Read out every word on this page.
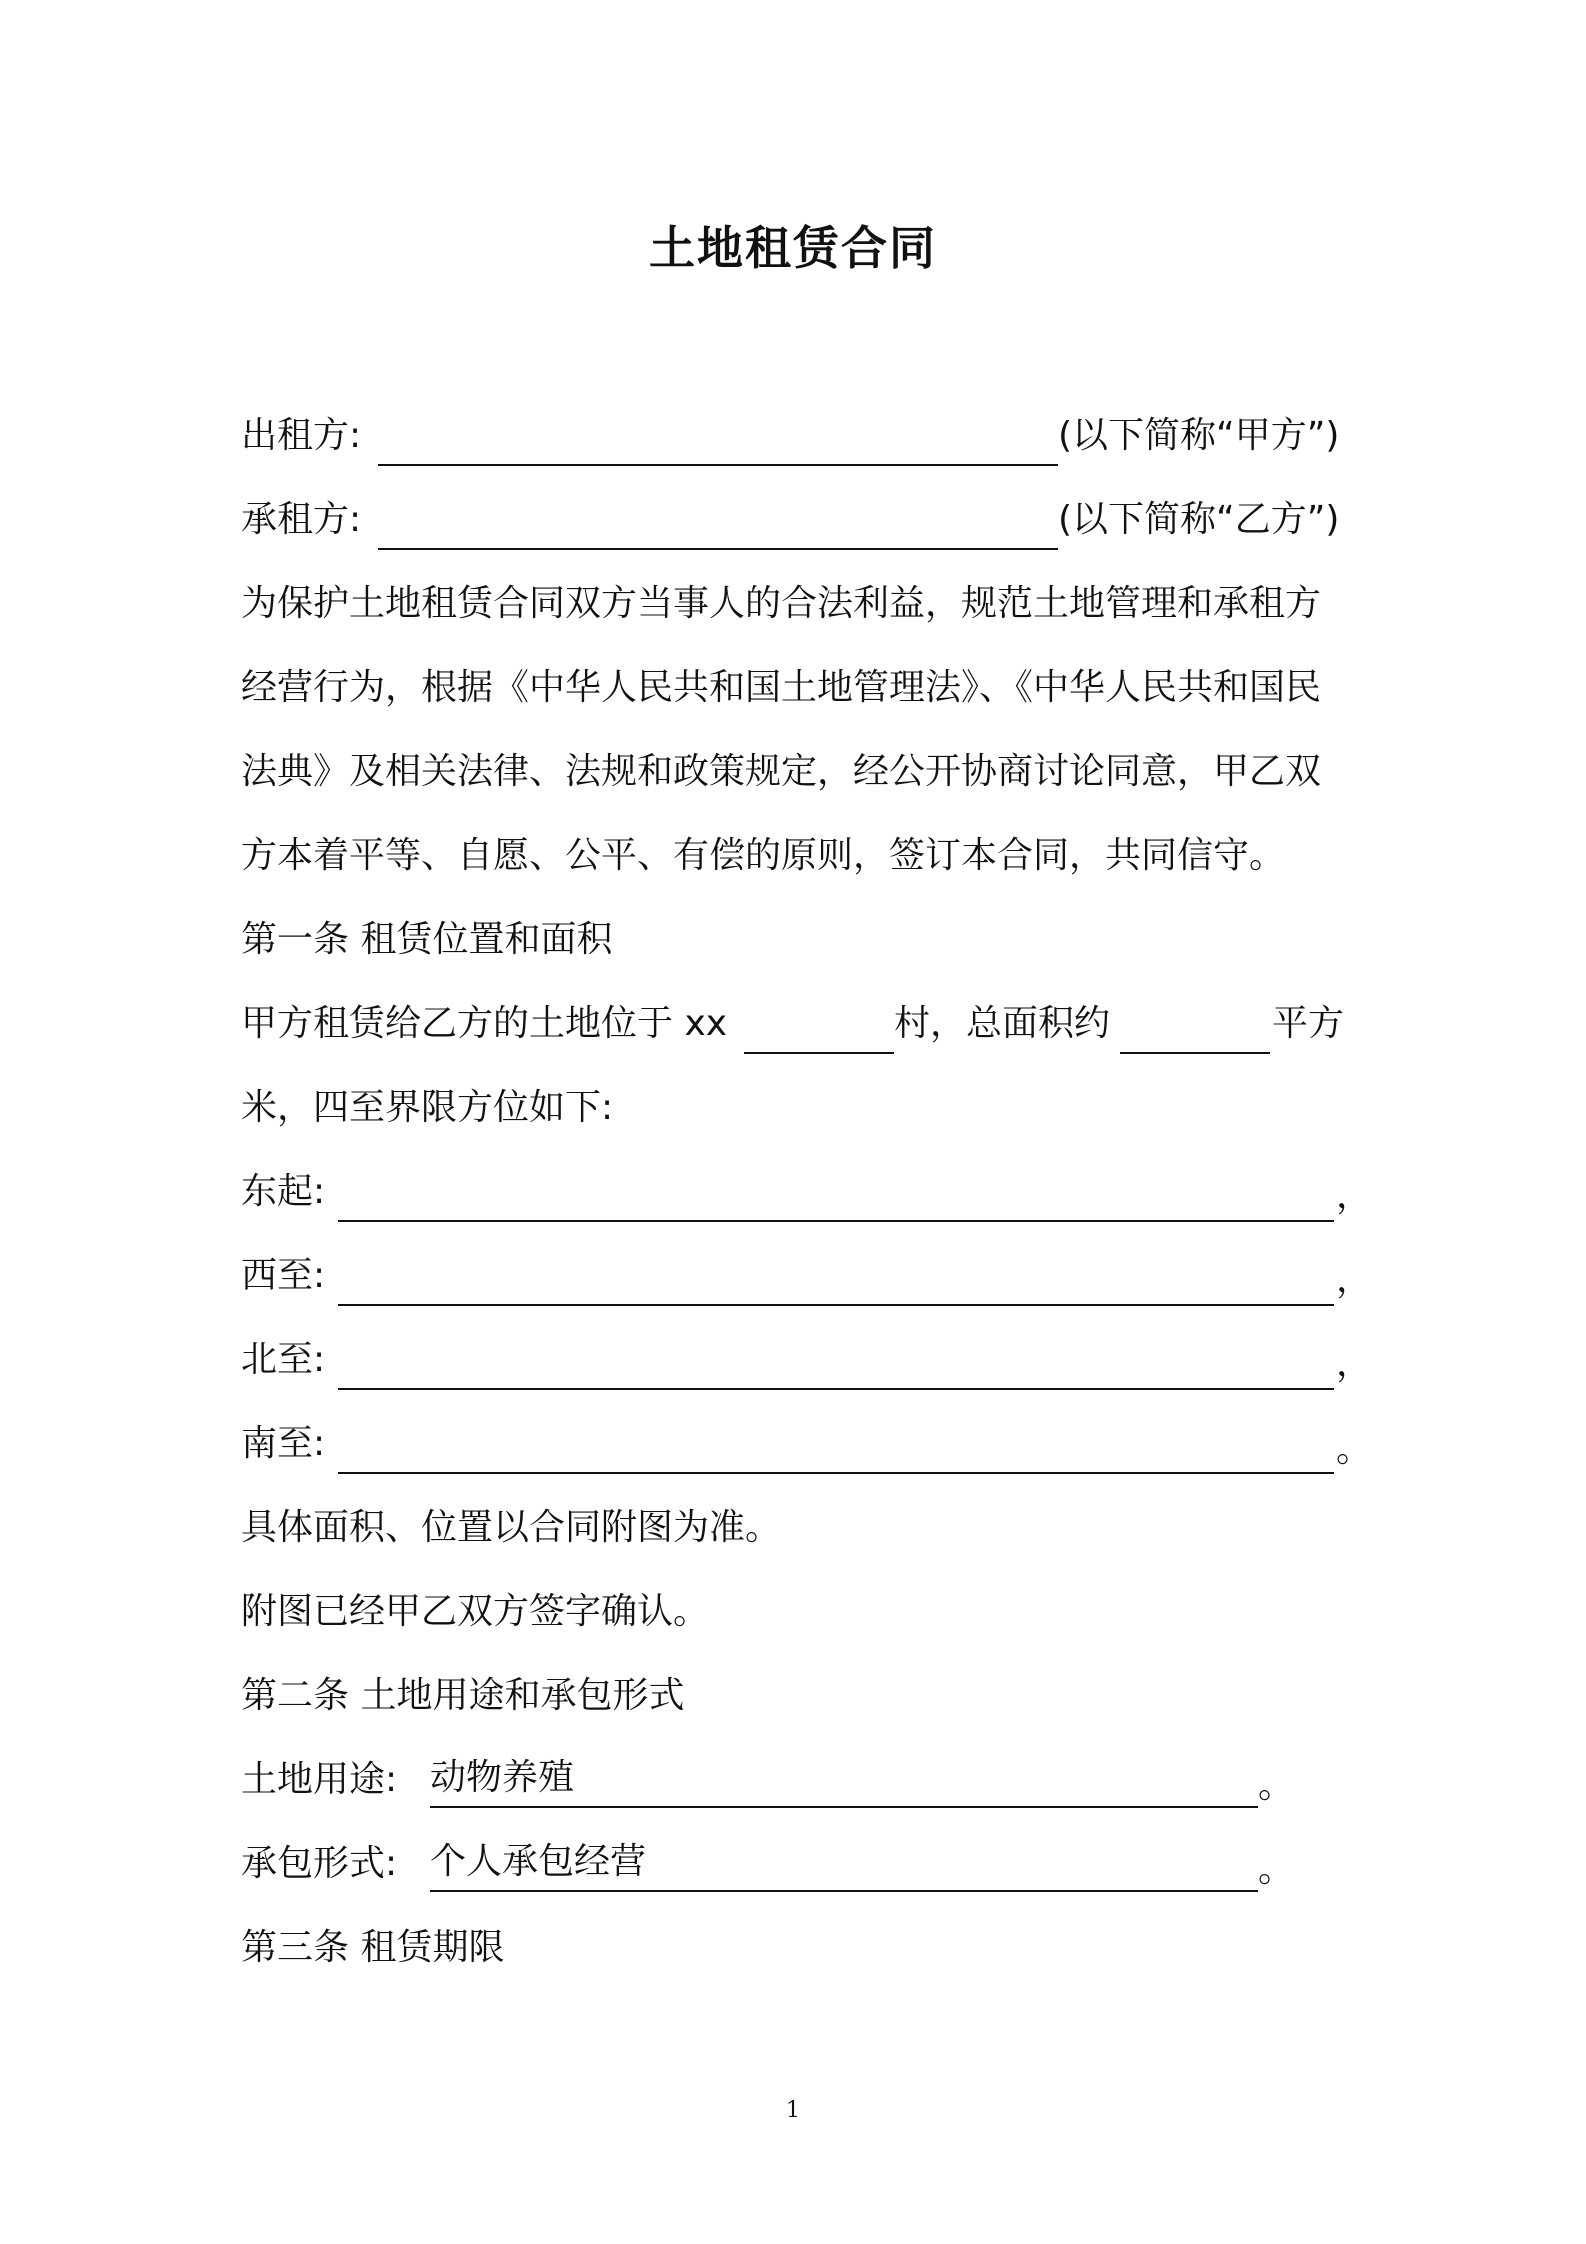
土地租赁合同
出租方:	(以下简称“甲方”)
承租方:	(以下简称“乙方”)
为保护土地租赁合同双方当事人的合法利益，规范土地管理和承租方
经营行为，根据《中华人民共和国土地管理法》、《中华人民共和国民
法典》及相关法律、法规和政策规定，经公开协商讨论同意，甲乙双
方本着平等、自愿、公平、有偿的原则，签订本合同，共同信守。
第一条 租赁位置和面积
甲方租赁给乙方的土地位于 xx	村，总面积约	平方
米，四至界限方位如下:
东起:	，
西至:	，
北至:	，
南至:	。
具体面积、位置以合同附图为准。
附图已经甲乙双方签字确认。
第二条 土地用途和承包形式
土地用途: 动物养殖	。
承包形式: 个人承包经营	。
第三条 租赁期限
1
